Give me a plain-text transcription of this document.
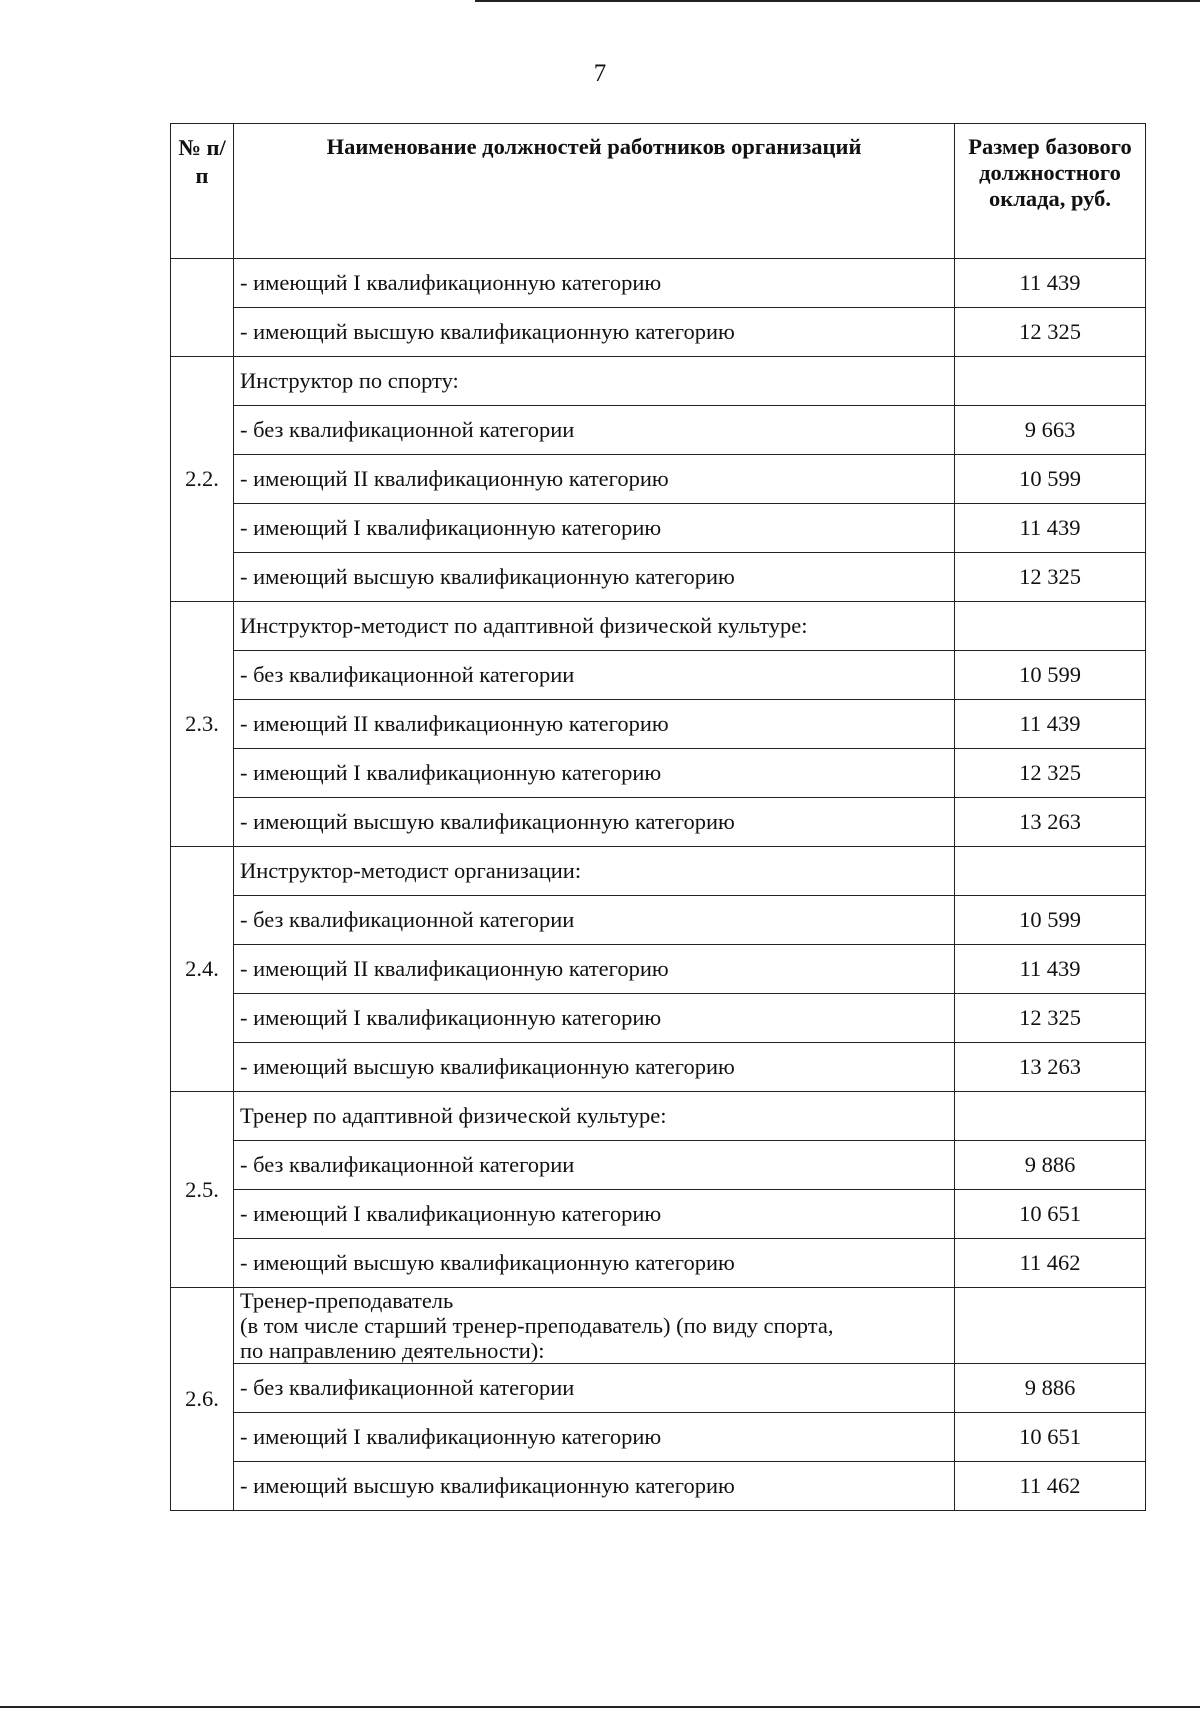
7
№ п/п	Наименование должностей работников организаций	Размер базового должностного оклада, руб.
	- имеющий I квалификационную категорию	11 439
	- имеющий высшую квалификационную категорию	12 325
2.2.	Инструктор по спорту:	
	- без квалификационной категории	9 663
	- имеющий II квалификационную категорию	10 599
	- имеющий I квалификационную категорию	11 439
	- имеющий высшую квалификационную категорию	12 325
2.3.	Инструктор-методист по адаптивной физической культуре:	
	- без квалификационной категории	10 599
	- имеющий II квалификационную категорию	11 439
	- имеющий I квалификационную категорию	12 325
	- имеющий высшую квалификационную категорию	13 263
2.4.	Инструктор-методист организации:	
	- без квалификационной категории	10 599
	- имеющий II квалификационную категорию	11 439
	- имеющий I квалификационную категорию	12 325
	- имеющий высшую квалификационную категорию	13 263
2.5.	Тренер по адаптивной физической культуре:	
	- без квалификационной категории	9 886
	- имеющий I квалификационную категорию	10 651
	- имеющий высшую квалификационную категорию	11 462
2.6.	Тренер-преподаватель
(в том числе старший тренер-преподаватель) (по виду спорта,
по направлению деятельности):	

	- без квалификационной категории	9 886
	- имеющий I квалификационную категорию	10 651
	- имеющий высшую квалификационную категорию	11 462
